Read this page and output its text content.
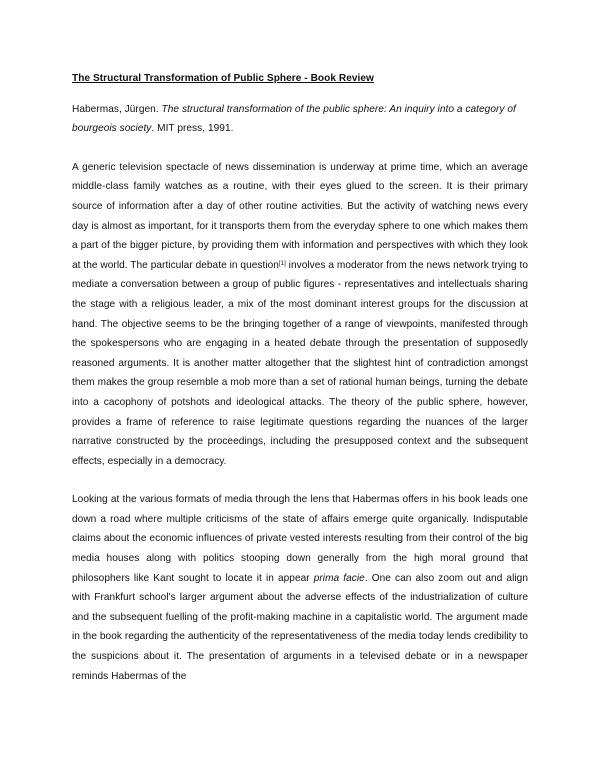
The Structural Transformation of Public Sphere - Book Review
Habermas, Jürgen. The structural transformation of the public sphere: An inquiry into a category of bourgeois society. MIT press, 1991.
A generic television spectacle of news dissemination is underway at prime time, which an average middle-class family watches as a routine, with their eyes glued to the screen. It is their primary source of information after a day of other routine activities. But the activity of watching news every day is almost as important, for it transports them from the everyday sphere to one which makes them a part of the bigger picture, by providing them with information and perspectives with which they look at the world. The particular debate in question[1] involves a moderator from the news network trying to mediate a conversation between a group of public figures - representatives and intellectuals sharing the stage with a religious leader, a mix of the most dominant interest groups for the discussion at hand. The objective seems to be the bringing together of a range of viewpoints, manifested through the spokespersons who are engaging in a heated debate through the presentation of supposedly reasoned arguments. It is another matter altogether that the slightest hint of contradiction amongst them makes the group resemble a mob more than a set of rational human beings, turning the debate into a cacophony of potshots and ideological attacks. The theory of the public sphere, however, provides a frame of reference to raise legitimate questions regarding the nuances of the larger narrative constructed by the proceedings, including the presupposed context and the subsequent effects, especially in a democracy.
Looking at the various formats of media through the lens that Habermas offers in his book leads one down a road where multiple criticisms of the state of affairs emerge quite organically. Indisputable claims about the economic influences of private vested interests resulting from their control of the big media houses along with politics stooping down generally from the high moral ground that philosophers like Kant sought to locate it in appear prima facie. One can also zoom out and align with Frankfurt school's larger argument about the adverse effects of the industrialization of culture and the subsequent fuelling of the profit-making machine in a capitalistic world. The argument made in the book regarding the authenticity of the representativeness of the media today lends credibility to the suspicions about it. The presentation of arguments in a televised debate or in a newspaper reminds Habermas of the
